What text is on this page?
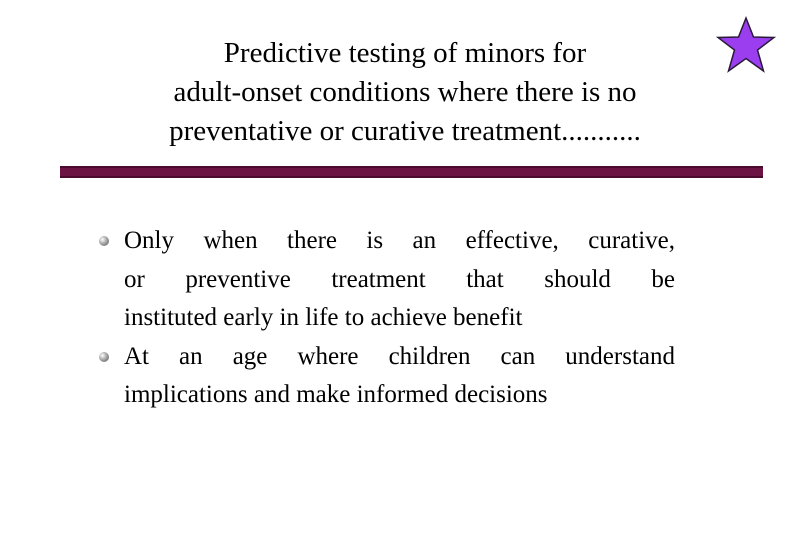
Predictive testing of minors for
adult-onset conditions where there is no
preventative or curative treatment...........
Only when there is an effective, curative,
or preventive treatment that should be
instituted early in life to achieve benefit
At an age where children can understand
implications and make informed decisions
